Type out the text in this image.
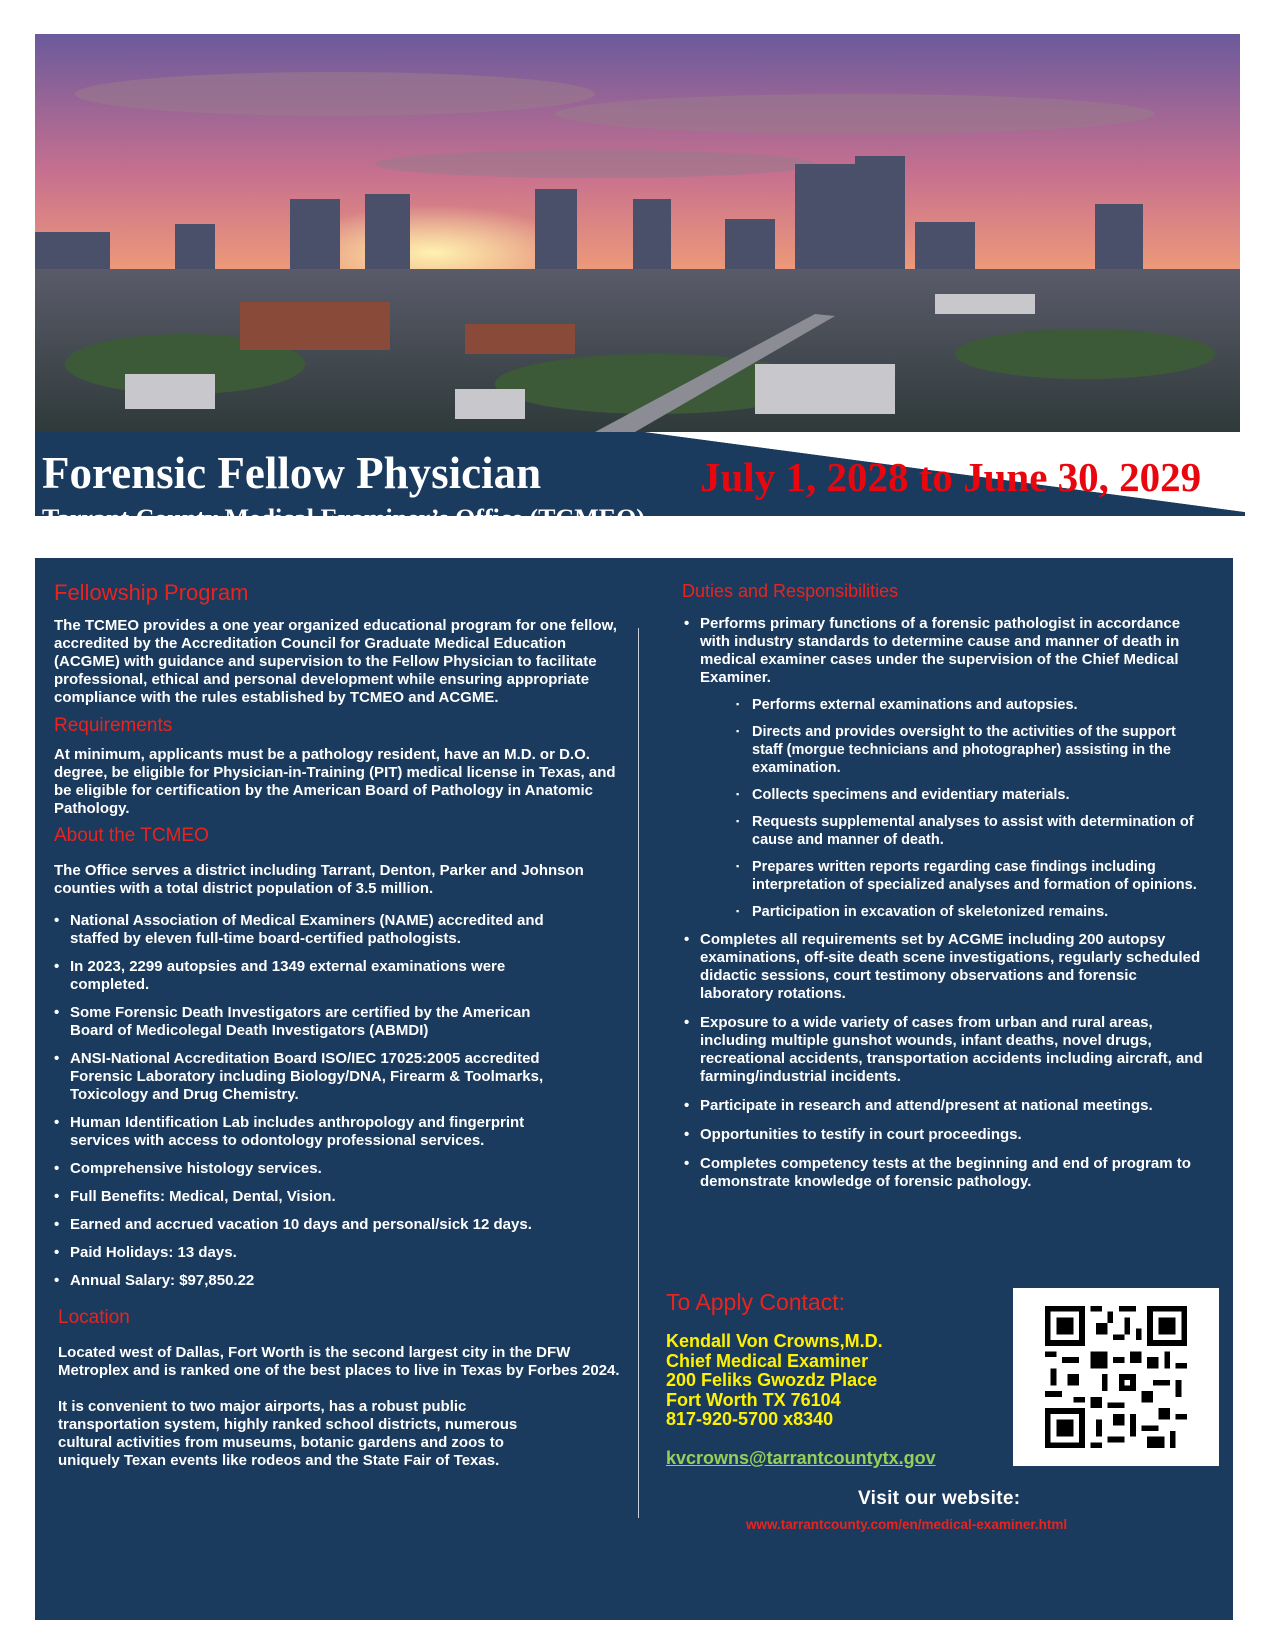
Forensic Fellow Physician
Tarrant County Medical Examiner’s Office (TCMEO)
July 1, 2028 to June 30, 2029
Fellowship Program

The TCMEO provides a one year organized educational program for one fellow, accredited by the Accreditation Council for Graduate Medical Education (ACGME) with guidance and supervision to the Fellow Physician to facilitate professional, ethical and personal development while ensuring appropriate compliance with the rules established by TCMEO and ACGME.

Requirements

At minimum, applicants must be a pathology resident, have an M.D. or D.O. degree, be eligible for Physician-in-Training (PIT) medical license in Texas, and be eligible for certification by the American Board of Pathology in Anatomic Pathology.

About the TCMEO

The Office serves a district including Tarrant, Denton, Parker and Johnson counties with a total district population of 3.5 million.

• National Association of Medical Examiners (NAME) accredited and staffed by eleven full-time board-certified pathologists.
• In 2023, 2299 autopsies and 1349 external examinations were completed.
• Some Forensic Death Investigators are certified by the American Board of Medicolegal Death Investigators (ABMDI)
• ANSI-National Accreditation Board ISO/IEC 17025:2005 accredited Forensic Laboratory including Biology/DNA, Firearm & Toolmarks, Toxicology and Drug Chemistry.
• Human Identification Lab includes anthropology and fingerprint services with access to odontology professional services.
• Comprehensive histology services.
• Full Benefits: Medical, Dental, Vision.
• Earned and accrued vacation 10 days and personal/sick 12 days.
• Paid Holidays: 13 days.
• Annual Salary: $97,850.22
Location

Located west of Dallas, Fort Worth is the second largest city in the DFW Metroplex and is ranked one of the best places to live in Texas by Forbes 2024.

It is convenient to two major airports, has a robust public transportation system, highly ranked school districts, numerous cultural activities from museums, botanic gardens and zoos to uniquely Texan events like rodeos and the State Fair of Texas.

Duties and Responsibilities
• Performs primary functions of a forensic pathologist in accordance with industry standards to determine cause and manner of death in medical examiner cases under the supervision of the Chief Medical Examiner.
▪ Performs external examinations and autopsies.
▪ Directs and provides oversight to the activities of the support staff (morgue technicians and photographer) assisting in the examination.
▪ Collects specimens and evidentiary materials.
▪ Requests supplemental analyses to assist with determination of cause and manner of death.
▪ Prepares written reports regarding case findings including interpretation of specialized analyses and formation of opinions.
▪ Participation in excavation of skeletonized remains.
• Completes all requirements set by ACGME including 200 autopsy examinations, off-site death scene investigations, regularly scheduled didactic sessions, court testimony observations and forensic laboratory rotations.
• Exposure to a wide variety of cases from urban and rural areas, including multiple gunshot wounds, infant deaths, novel drugs, recreational accidents, transportation accidents including aircraft, and farming/industrial incidents.
• Participate in research and attend/present at national meetings.
• Opportunities to testify in court proceedings.
• Completes competency tests at the beginning and end of program to demonstrate knowledge of forensic pathology.
To Apply Contact:
Kendall Von Crowns,M.D.
Chief Medical Examiner
200 Feliks Gwozdz Place
Fort Worth TX 76104
817-920-5700 x8340
kvcrowns@tarrantcountytx.gov
Visit our website:
www.tarrantcounty.com/en/medical-examiner.html
